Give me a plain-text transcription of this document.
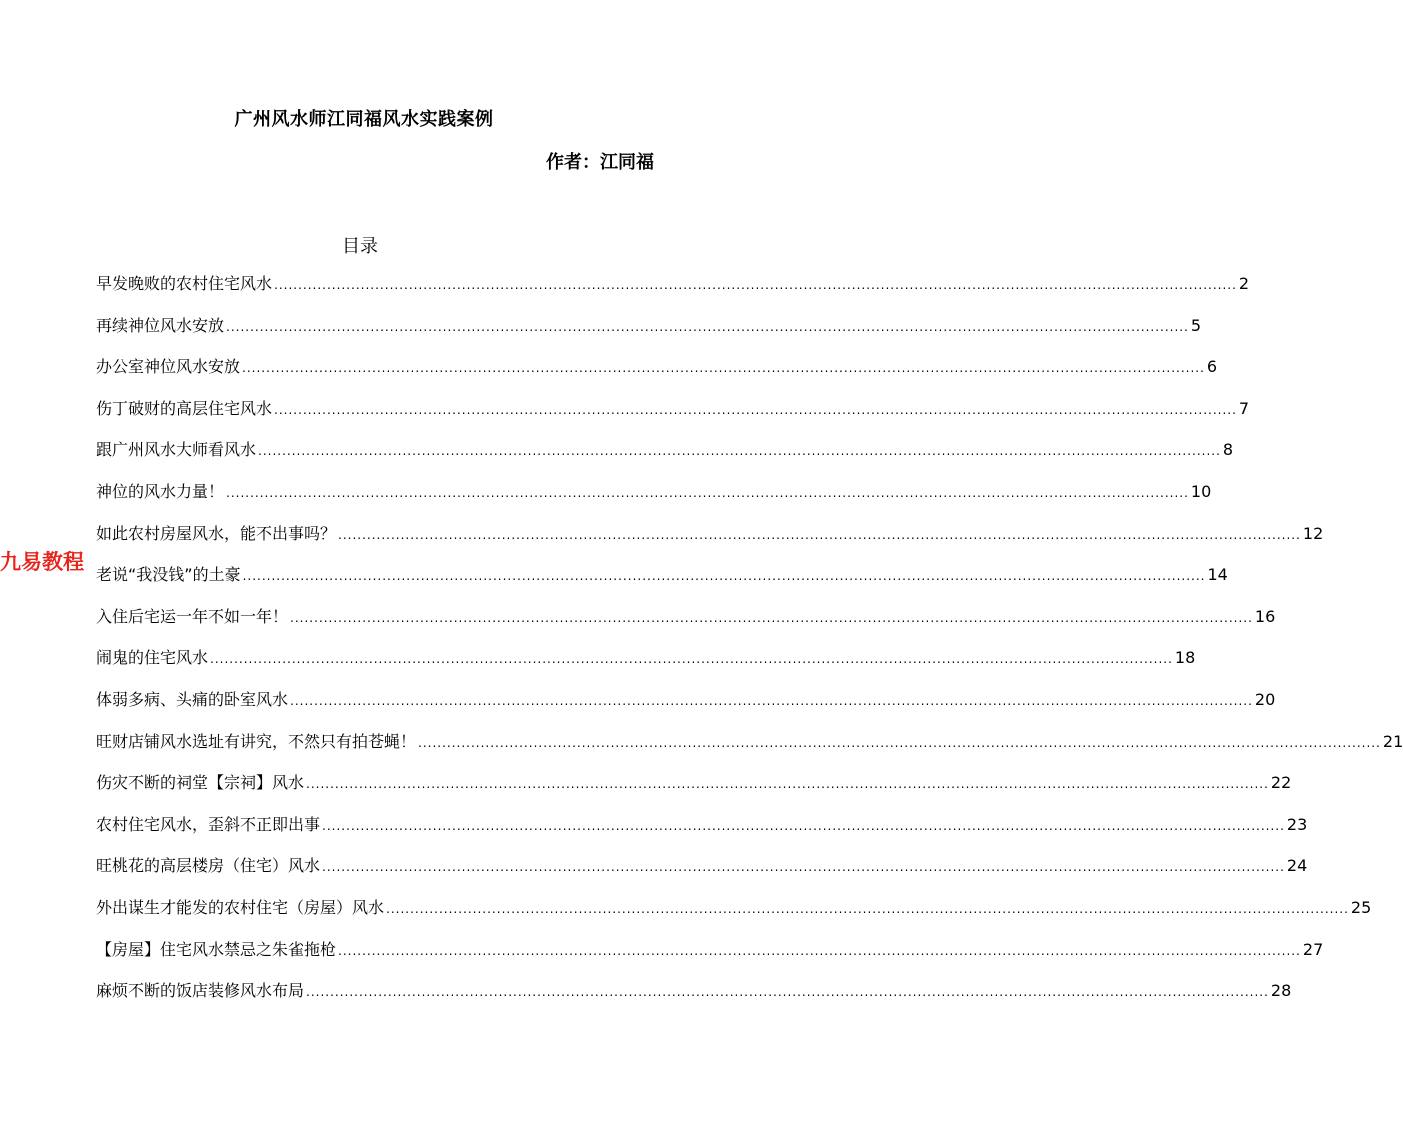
广州风水师江同福风水实践案例
作者：江同福
目录
早发晚败的农村住宅风水 ........................................................................................................................................................................................................ 2
再续神位风水安放 ........................................................................................................................................................................................................ 5
办公室神位风水安放 ........................................................................................................................................................................................................ 6
伤丁破财的高层住宅风水 ........................................................................................................................................................................................................ 7
跟广州风水大师看风水 ........................................................................................................................................................................................................ 8
神位的风水力量！ ........................................................................................................................................................................................................ 10
如此农村房屋风水，能不出事吗？ ........................................................................................................................................................................................................ 12
老说“我没钱”的土豪 ........................................................................................................................................................................................................ 14
入住后宅运一年不如一年！ ........................................................................................................................................................................................................ 16
闹鬼的住宅风水 ........................................................................................................................................................................................................ 18
体弱多病、头痛的卧室风水 ........................................................................................................................................................................................................ 20
旺财店铺风水选址有讲究，不然只有拍苍蝇！ ........................................................................................................................................................................................................ 21
伤灾不断的祠堂【宗祠】风水 ........................................................................................................................................................................................................ 22
农村住宅风水，歪斜不正即出事 ........................................................................................................................................................................................................ 23
旺桃花的高层楼房（住宅）风水 ........................................................................................................................................................................................................ 24
外出谋生才能发的农村住宅（房屋）风水 ........................................................................................................................................................................................................ 25
【房屋】住宅风水禁忌之朱雀拖枪 ........................................................................................................................................................................................................ 27
麻烦不断的饭店装修风水布局 ........................................................................................................................................................................................................ 28
九易教程
